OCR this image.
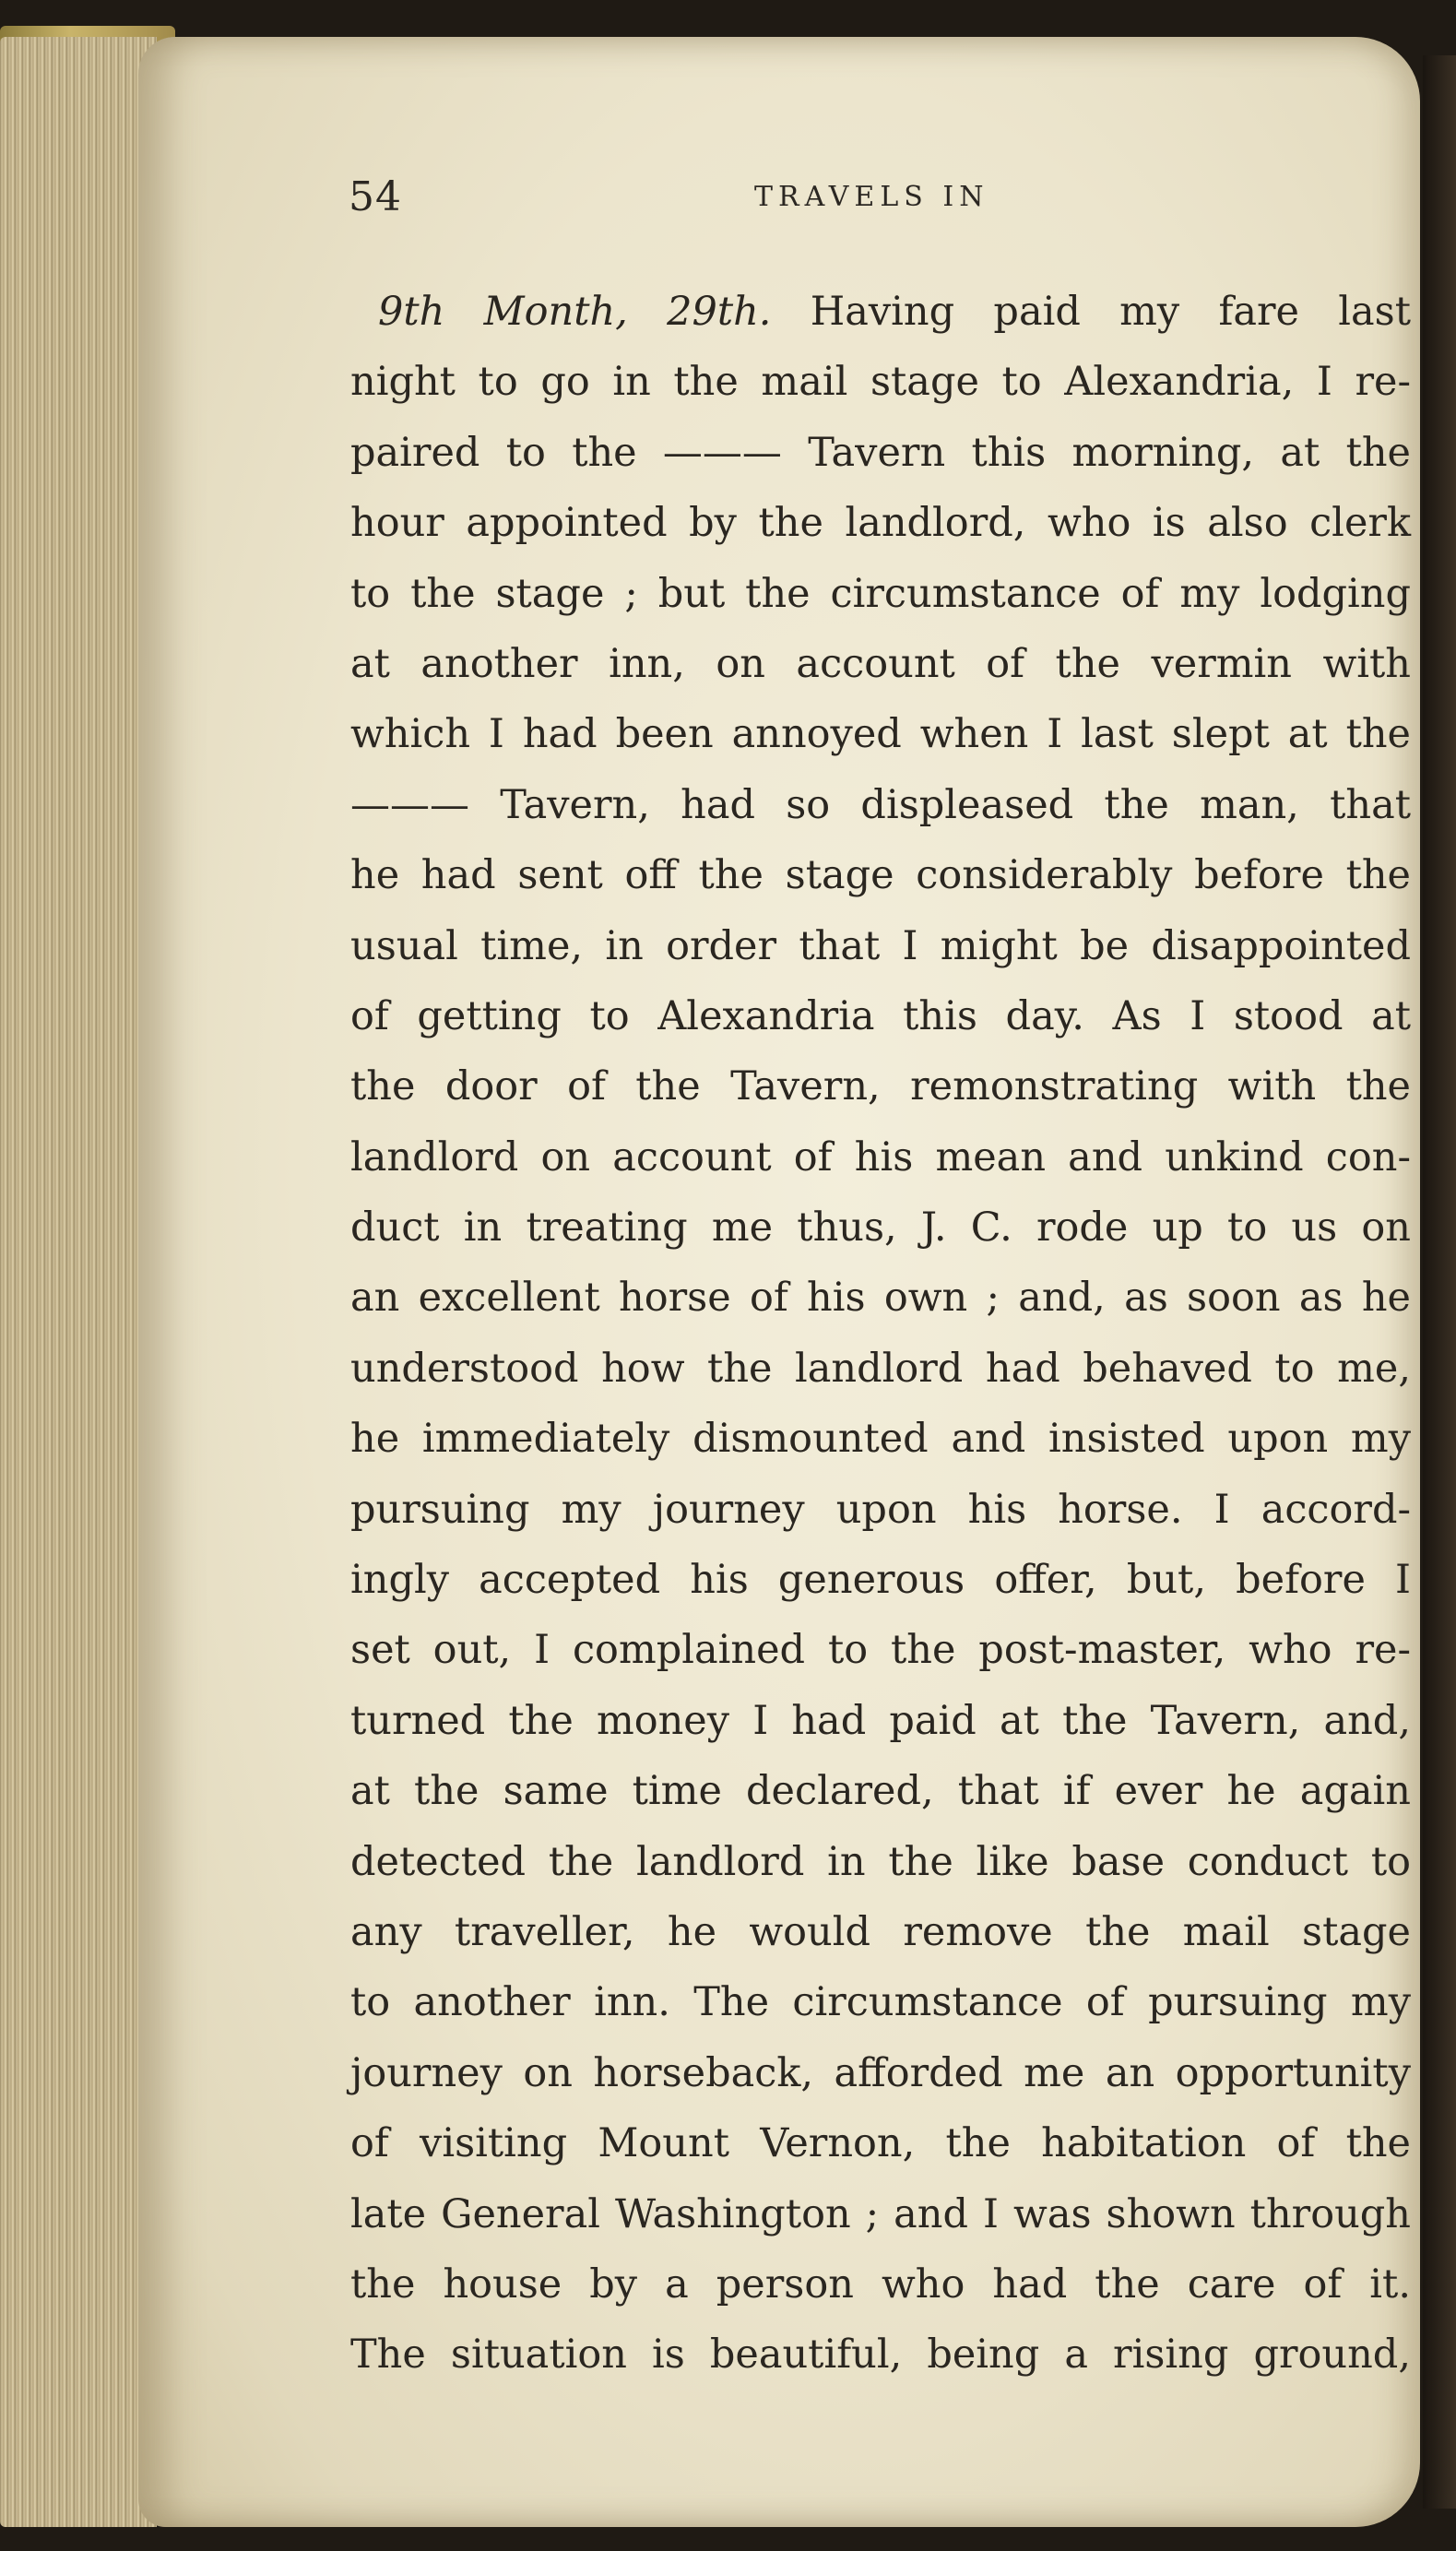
54	TRAVELS IN
9th Month, 29th. Having paid my fare last
night to go in the mail stage to Alexandria, I re-
paired to the ——— Tavern this morning, at the
hour appointed by the landlord, who is also clerk
to the stage ; but the circumstance of my lodging
at another inn, on account of the vermin with
which I had been annoyed when I last slept at the
——— Tavern, had so displeased the man, that
he had sent off the stage considerably before the
usual time, in order that I might be disappointed
of getting to Alexandria this day. As I stood at
the door of the Tavern, remonstrating with the
landlord on account of his mean and unkind con-
duct in treating me thus, J. C. rode up to us on
an excellent horse of his own ; and, as soon as he
understood how the landlord had behaved to me,
he immediately dismounted and insisted upon my
pursuing my journey upon his horse. I accord-
ingly accepted his generous offer, but, before I
set out, I complained to the post-master, who re-
turned the money I had paid at the Tavern, and,
at the same time declared, that if ever he again
detected the landlord in the like base conduct to
any traveller, he would remove the mail stage
to another inn. The circumstance of pursuing my
journey on horseback, afforded me an opportunity
of visiting Mount Vernon, the habitation of the
late General Washington ; and I was shown through
the house by a person who had the care of it.
The situation is beautiful, being a rising ground,
